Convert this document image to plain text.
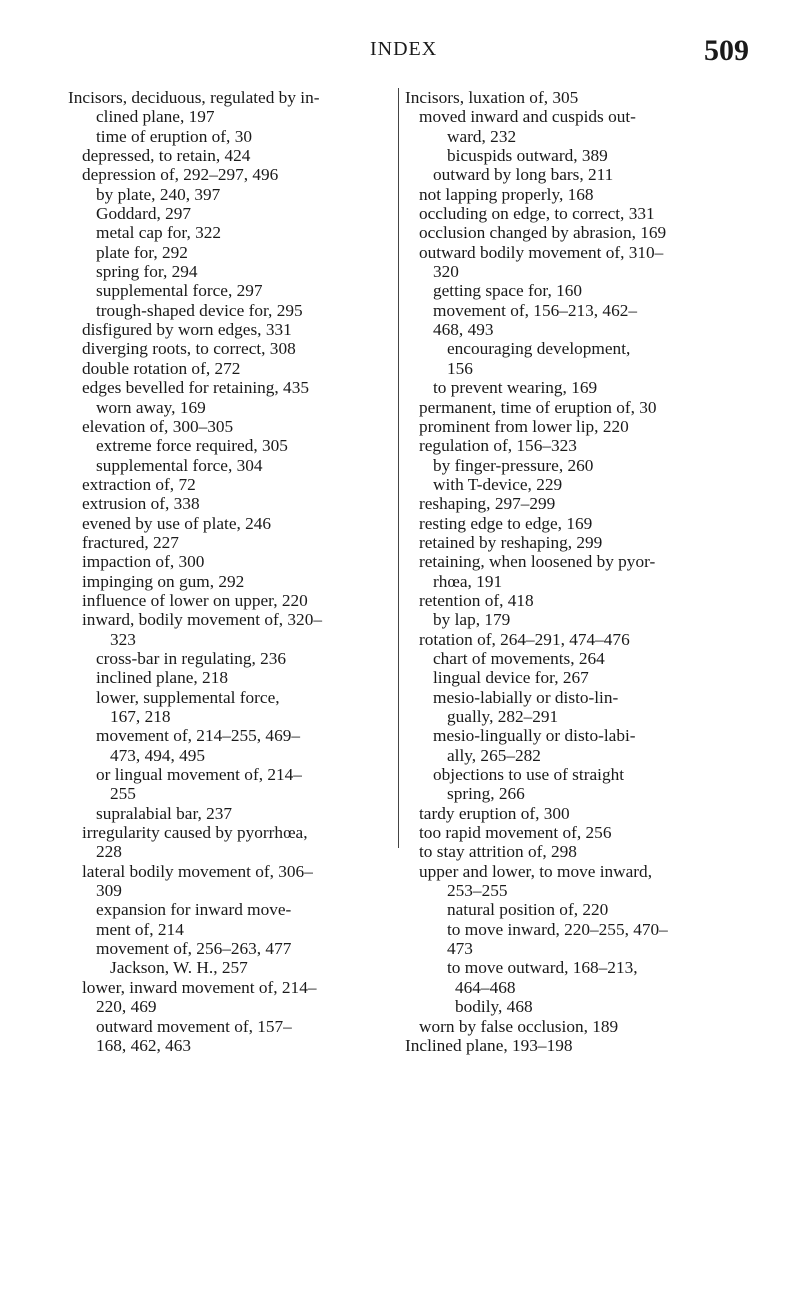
INDEX	509
Incisors, deciduous, regulated by in-
clined plane, 197
time of eruption of, 30
depressed, to retain, 424
depression of, 292–297, 496
by plate, 240, 397
Goddard, 297
metal cap for, 322
plate for, 292
spring for, 294
supplemental force, 297
trough-shaped device for, 295
disfigured by worn edges, 331
diverging roots, to correct, 308
double rotation of, 272
edges bevelled for retaining, 435
worn away, 169
elevation of, 300–305
extreme force required, 305
supplemental force, 304
extraction of, 72
extrusion of, 338
evened by use of plate, 246
fractured, 227
impaction of, 300
impinging on gum, 292
influence of lower on upper, 220
inward, bodily movement of, 320–
323
cross-bar in regulating, 236
inclined plane, 218
lower, supplemental force,
167, 218
movement of, 214–255, 469–
473, 494, 495
or lingual movement of, 214–
255
supralabial bar, 237
irregularity caused by pyorrhœa,
228
lateral bodily movement of, 306–
309
expansion for inward move-
ment of, 214
movement of, 256–263, 477
Jackson, W. H., 257
lower, inward movement of, 214–
220, 469
outward movement of, 157–
168, 462, 463
Incisors, luxation of, 305
moved inward and cuspids out-
ward, 232
bicuspids outward, 389
outward by long bars, 211
not lapping properly, 168
occluding on edge, to correct, 331
occlusion changed by abrasion, 169
outward bodily movement of, 310–
320
getting space for, 160
movement of, 156–213, 462–
468, 493
encouraging development,
156
to prevent wearing, 169
permanent, time of eruption of, 30
prominent from lower lip, 220
regulation of, 156–323
by finger-pressure, 260
with T-device, 229
reshaping, 297–299
resting edge to edge, 169
retained by reshaping, 299
retaining, when loosened by pyor-
rhœa, 191
retention of, 418
by lap, 179
rotation of, 264–291, 474–476
chart of movements, 264
lingual device for, 267
mesio-labially or disto-lin-
gually, 282–291
mesio-lingually or disto-labi-
ally, 265–282
objections to use of straight
spring, 266
tardy eruption of, 300
too rapid movement of, 256
to stay attrition of, 298
upper and lower, to move inward,
253–255
natural position of, 220
to move inward, 220–255, 470–
473
to move outward, 168–213,
464–468
bodily, 468
worn by false occlusion, 189
Inclined plane, 193–198
